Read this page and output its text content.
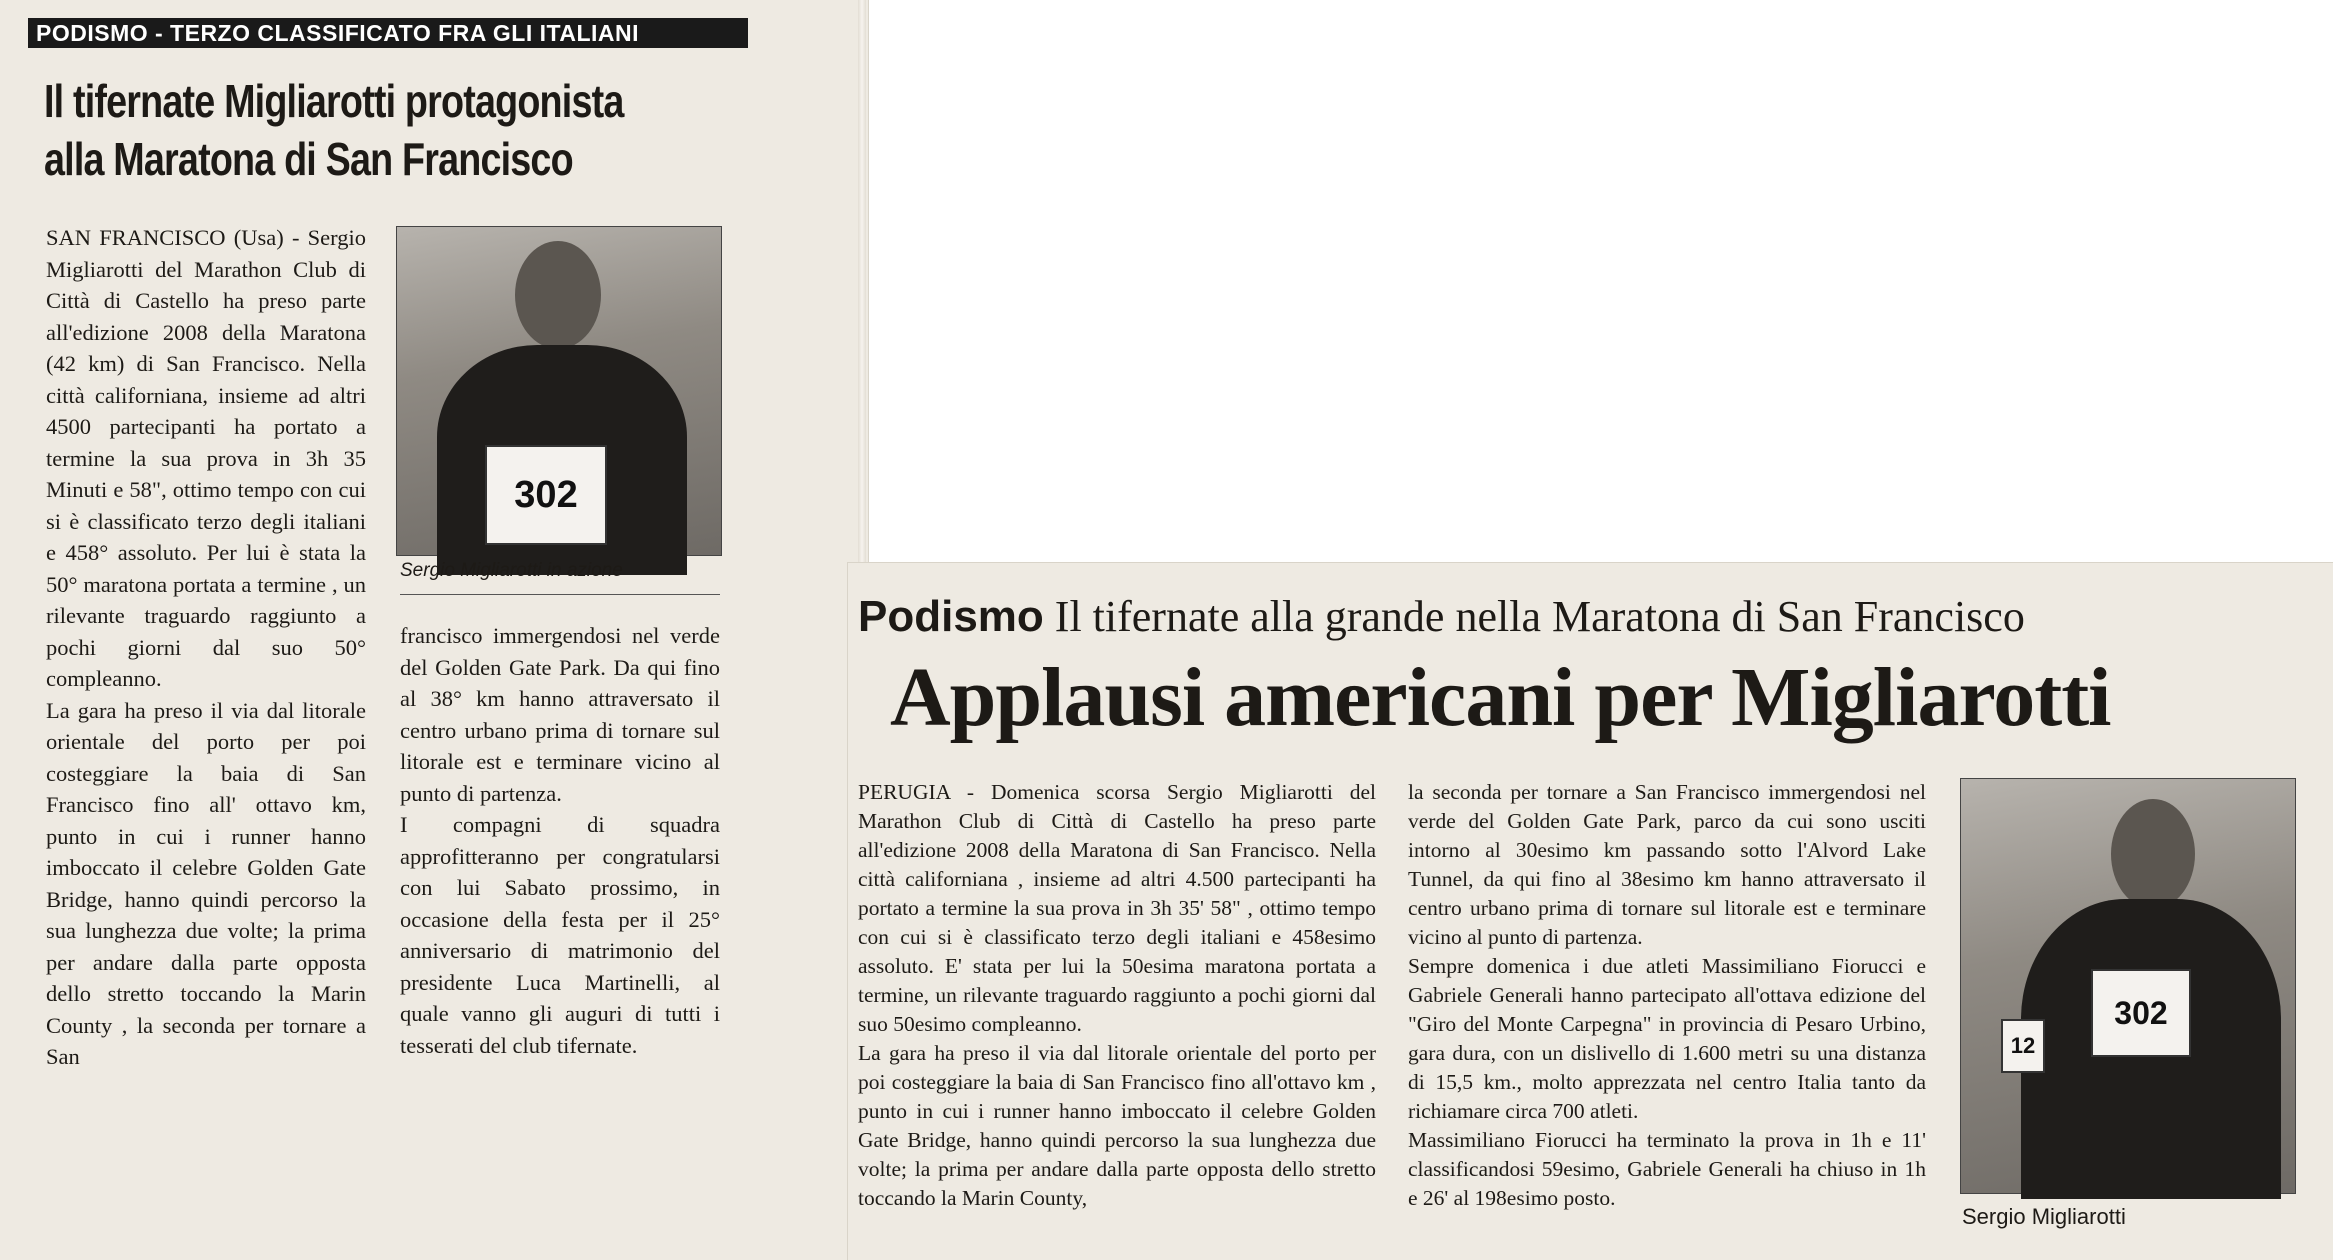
PODISMO - TERZO CLASSIFICATO FRA GLI ITALIANI
Il tifernate Migliarotti protagonista
alla Maratona di San Francisco
SAN FRANCISCO (Usa) - Sergio Migliarotti del Marathon Club di Città di Castello ha preso parte all'edizione 2008 della Maratona (42 km) di San Francisco. Nella città californiana, insieme ad altri 4500 partecipanti ha portato a termine la sua prova in 3h 35 Minuti e 58", ottimo tempo con cui si è classificato terzo degli italiani e 458° assoluto. Per lui è stata la 50° maratona portata a termine , un rilevante traguardo raggiunto a pochi giorni dal suo 50° compleanno.
La gara ha preso il via dal litorale orientale del porto per poi costeggiare la baia di San Francisco fino all' ottavo km, punto in cui i runner hanno imboccato il celebre Golden Gate Bridge, hanno quindi percorso la sua lunghezza due volte; la prima per andare dalla parte opposta dello stretto toccando la Marin County , la seconda per tornare a San
302
Sergio Migliarotti in azione
francisco immergendosi nel verde del Golden Gate Park. Da qui fino al 38° km hanno attraversato il centro urbano prima di tornare sul litorale est e terminare vicino al punto di partenza.
I compagni di squadra approfitteranno per congratularsi con lui Sabato prossimo, in occasione della festa per il 25° anniversario di matrimonio del presidente Luca Martinelli, al quale vanno gli auguri di tutti i tesserati del club tifernate.
Podismo Il tifernate alla grande nella Maratona di San Francisco
Applausi americani per Migliarotti
PERUGIA - Domenica scorsa Sergio Migliarotti del Marathon Club di Città di Castello ha preso parte all'edizione 2008 della Maratona di San Francisco. Nella città californiana , insieme ad altri 4.500 partecipanti ha portato a termine la sua prova in 3h 35' 58" , ottimo tempo con cui si è classificato terzo degli italiani e 458esimo assoluto. E' stata per lui la 50esima maratona portata a termine, un rilevante traguardo raggiunto a pochi giorni dal suo 50esimo compleanno.
La gara ha preso il via dal litorale orientale del porto per poi costeggiare la baia di San Francisco fino all'ottavo km , punto in cui i runner hanno imboccato il celebre Golden Gate Bridge, hanno quindi percorso la sua lunghezza due volte; la prima per andare dalla parte opposta dello stretto toccando la Marin County,
la seconda per tornare a San Francisco immergendosi nel verde del Golden Gate Park, parco da cui sono usciti intorno al 30esimo km passando sotto l'Alvord Lake Tunnel, da qui fino al 38esimo km hanno attraversato il centro urbano prima di tornare sul litorale est e terminare vicino al punto di partenza.
Sempre domenica i due atleti Massimiliano Fiorucci e Gabriele Generali hanno partecipato all'ottava edizione del "Giro del Monte Carpegna" in provincia di Pesaro Urbino, gara dura, con un dislivello di 1.600 metri su una distanza di 15,5 km., molto apprezzata nel centro Italia tanto da richiamare circa 700 atleti.
Massimiliano Fiorucci ha terminato la prova in 1h e 11' classificandosi 59esimo, Gabriele Generali ha chiuso in 1h e 26' al 198esimo posto.
302
12
Sergio Migliarotti
